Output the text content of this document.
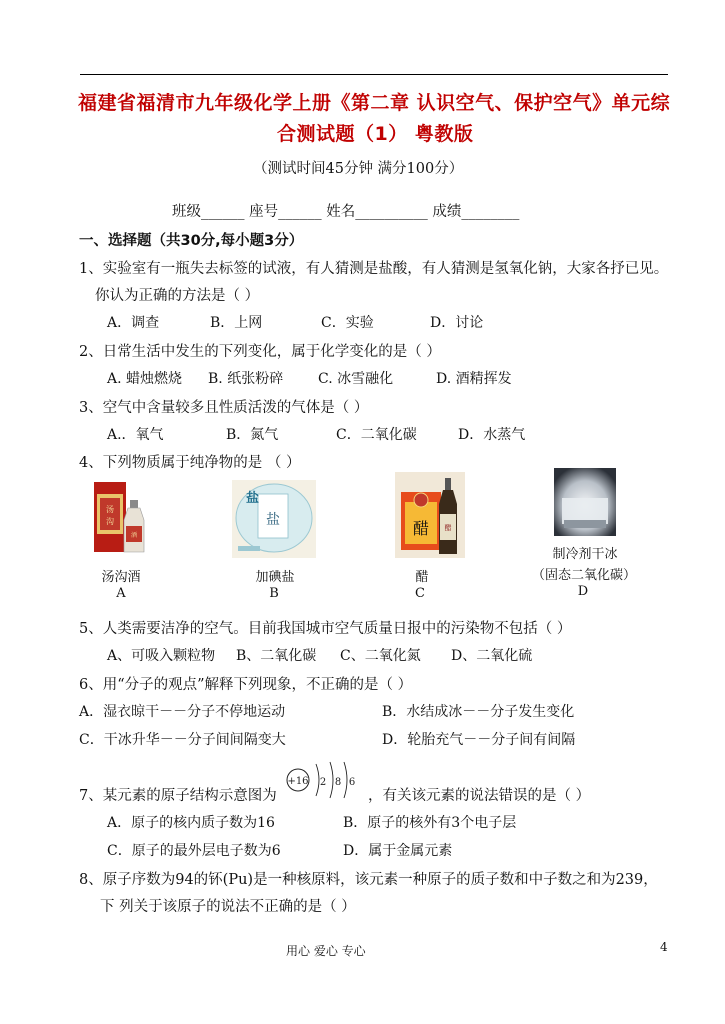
福建省福清市九年级化学上册《第二章 认识空气、保护空气》单元综
合测试题（1） 粤教版
（测试时间45分钟 满分100分）
班级______ 座号______ 姓名__________ 成绩________
一、选择题（共30分,每小题3分）
1、实验室有一瓶失去标签的试液，有人猜测是盐酸，有人猜测是氢氧化钠，大家各抒已见。
你认为正确的方法是（ ）
A．调查	B．上网	C．实验	D．讨论
2、日常生活中发生的下列变化，属于化学变化的是（ ）
A. 蜡烛燃烧 B. 纸张粉碎 C. 冰雪融化	D. 酒精挥发
3、空气中含量较多且性质活泼的气体是（ ）
A.．氧气	B．氮气	C．二氧化碳	D．水蒸气
4、下列物质属于纯净物的是 （ ）
汤
沟
酒
汤沟酒
A
盐
盐
加碘盐
B
醋 醋
醋
C
制冷剂干冰
（固态二氧化碳）
D
5、人类需要洁净的空气。目前我国城市空气质量日报中的污染物不包括（ ）
A、可吸入颗粒物 B、二氧化碳 C、二氧化氮 D、二氧化硫
6、用“分子的观点”解释下列现象，不正确的是（ ）
A．湿衣晾干－－分子不停地运动	B．水结成冰－－分子发生变化
C．干冰升华－－分子间间隔变大	D．轮胎充气－－分子间有间隔
7、某元素的原子结构示意图为
+16 2 8 6
，有关该元素的说法错误的是（ ）
A．原子的核内质子数为16	B．原子的核外有3个电子层
C．原子的最外层电子数为6	D．属于金属元素
8、原子序数为94的钚(Pu)是一种核原料，该元素一种原子的质子数和中子数之和为239，
下 列关于该原子的说法不正确的是（ ）
用心 爱心 专心	4
